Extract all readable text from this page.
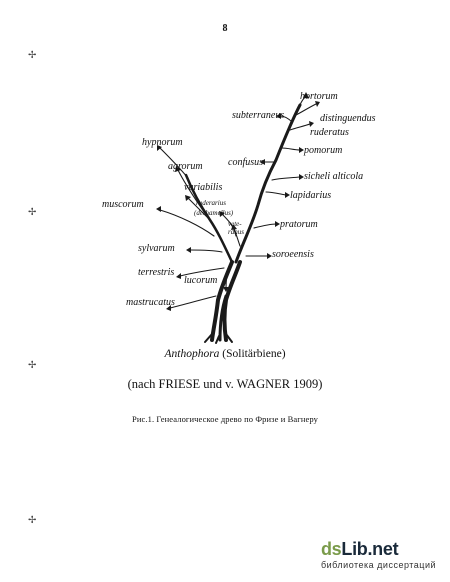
8
✢
✢
✢
✢
hortorum
subterraneus	distinguendus
ruderatus
pomorum
hypnorum
agrorum	confusus
sicheli alticola
variabilis
lapidarius
muscorum	ruderarius
(derhamellus)
vete-
ranus
pratorum
sylvarum
soroeensis
terrestris
lucorum
mastrucatus
Anthophora (Solitärbiene)
(nach FRIESE und v. WAGNER 1909)
Рис.1. Генеалогическое древо по Фризе и Вагнеру
dsLib.net
библиотека диссертаций
